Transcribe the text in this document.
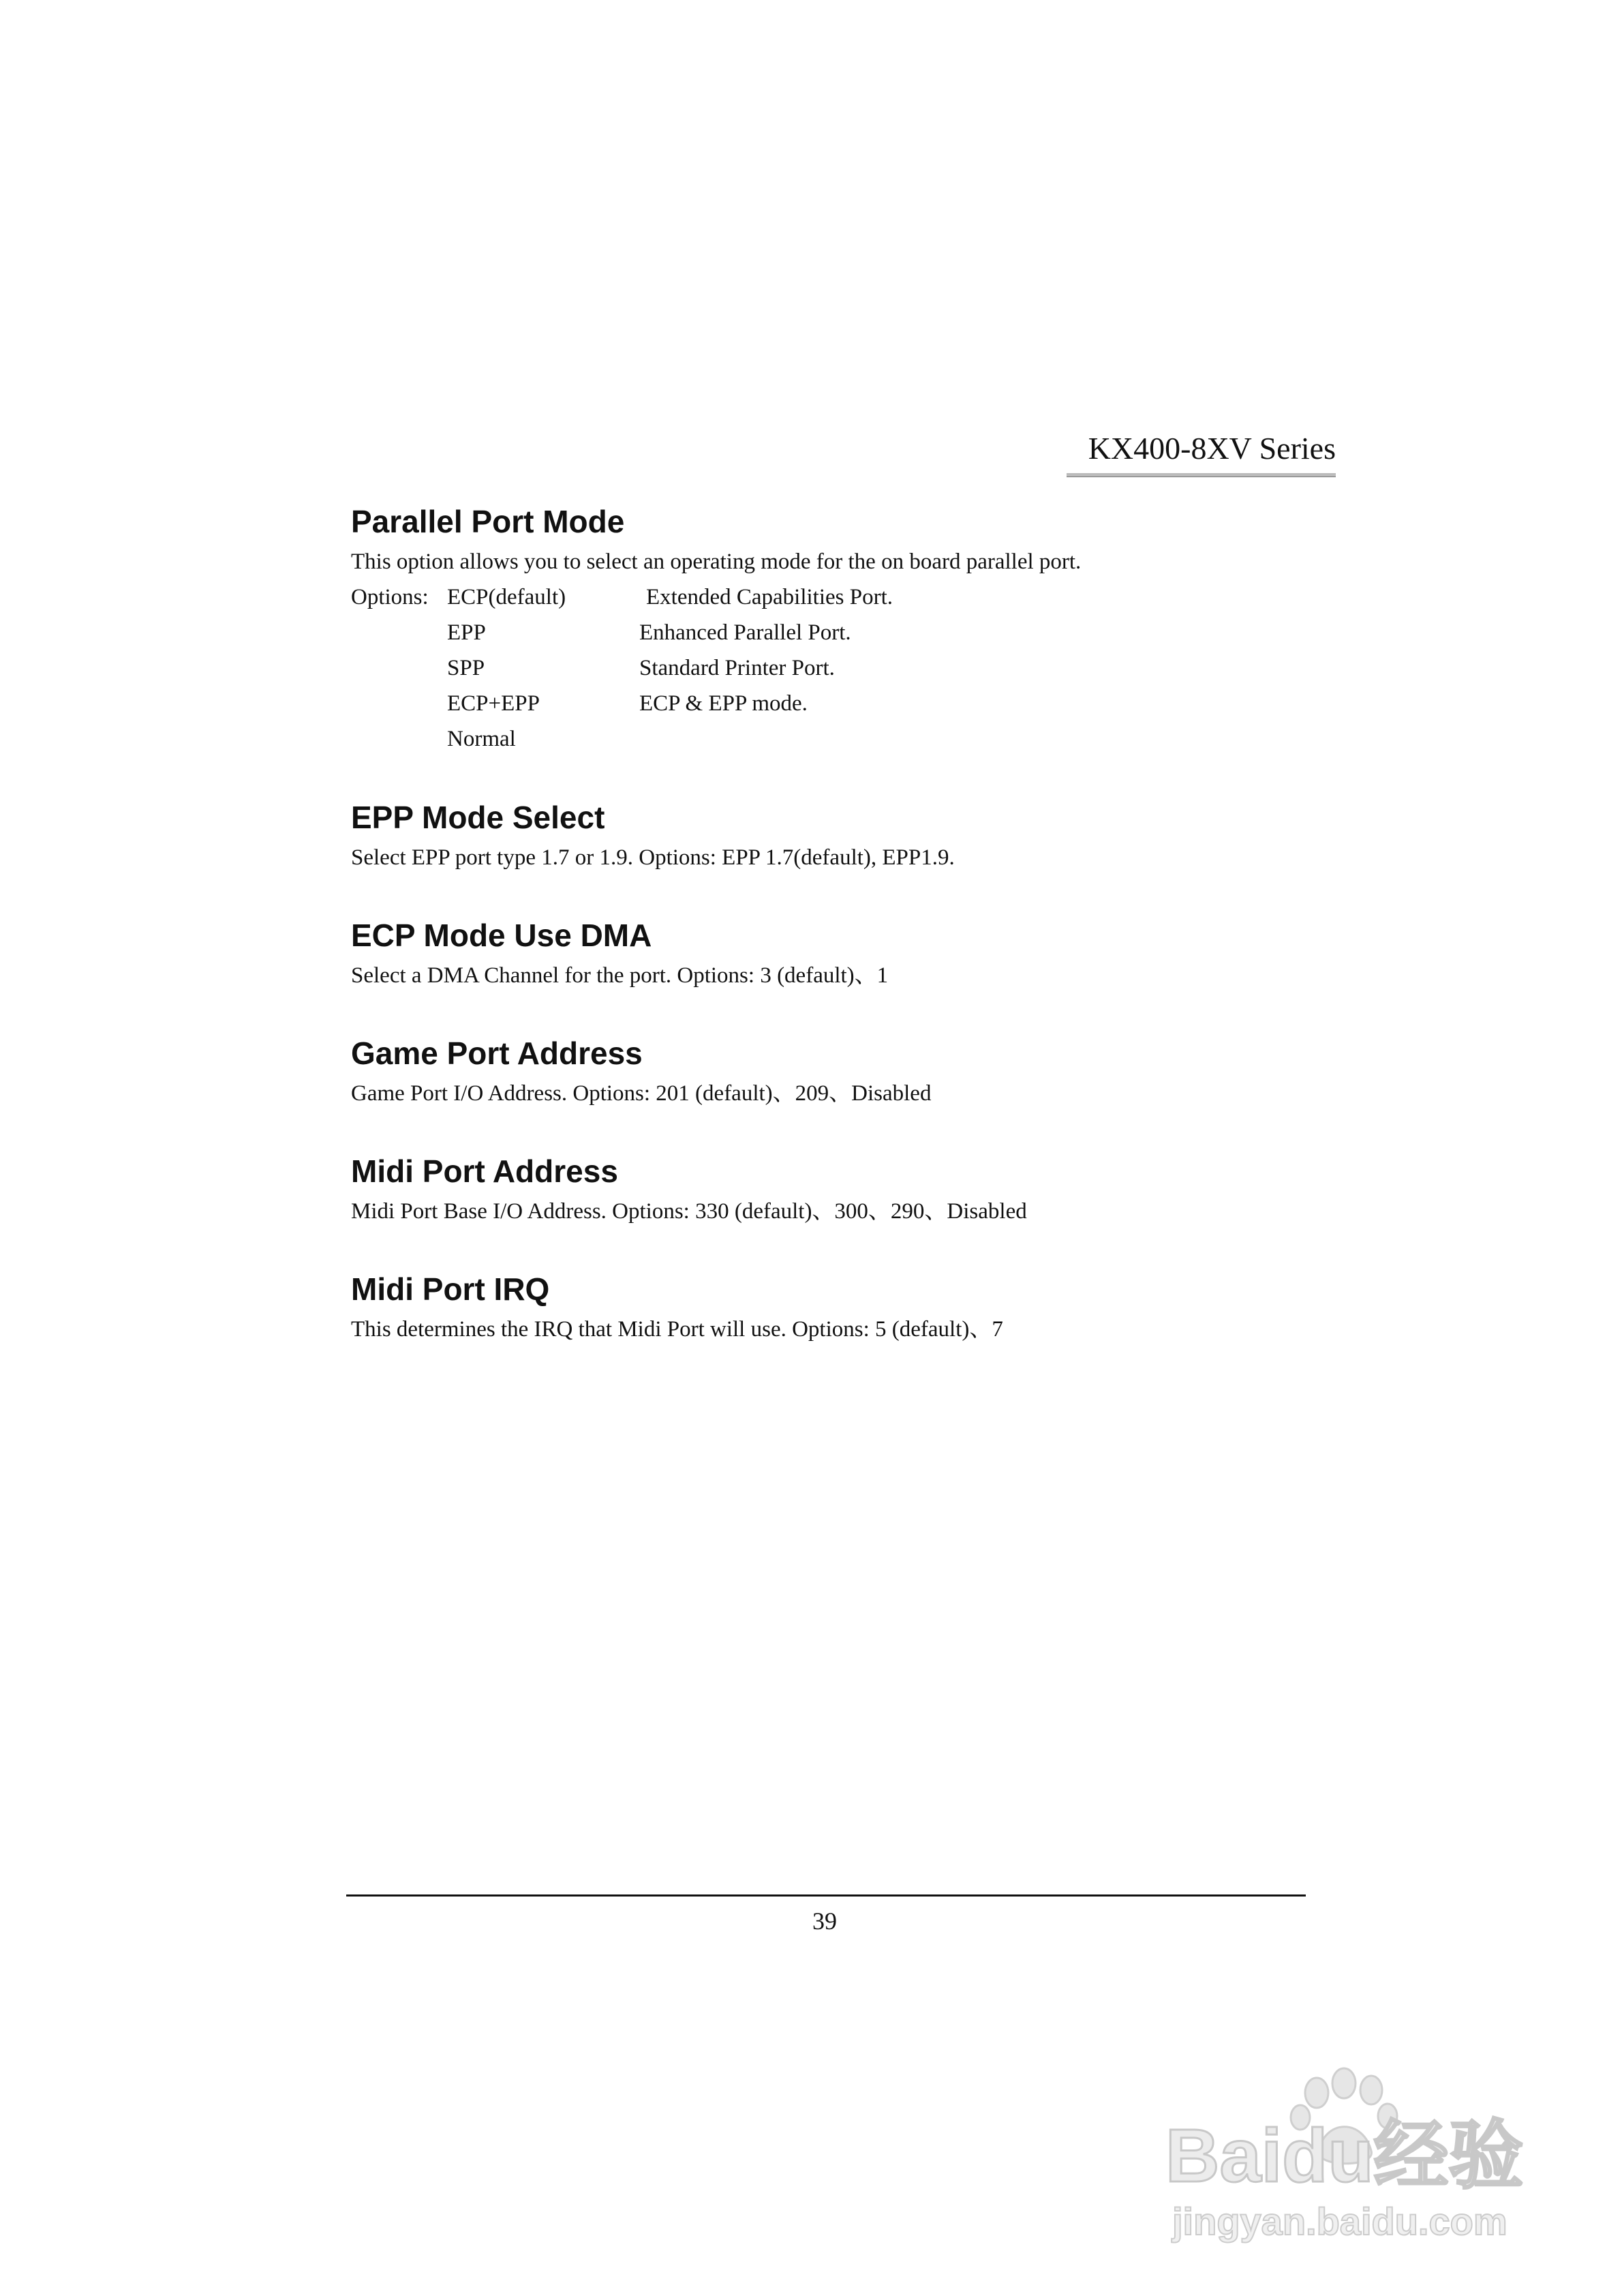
KX400-8XV Series
Parallel Port Mode

This option allows you to select an operating mode for the on board parallel port.

Options: ECP(default)	Extended Capabilities Port.
EPP	Enhanced Parallel Port.
SPP	Standard Printer Port.
ECP+EPP	ECP & EPP mode.
Normal
EPP Mode Select

Select EPP port type 1.7 or 1.9. Options: EPP 1.7(default), EPP1.9.

ECP Mode Use DMA

Select a DMA Channel for the port. Options: 3 (default)、1

Game Port Address

Game Port I/O Address. Options: 201 (default)、209、Disabled

Midi Port Address

Midi Port Base I/O Address. Options: 330 (default)、300、290、Disabled

Midi Port IRQ

This determines the IRQ that Midi Port will use. Options: 5 (default)、7

39
Baidu经验
jingyan.baidu.com
